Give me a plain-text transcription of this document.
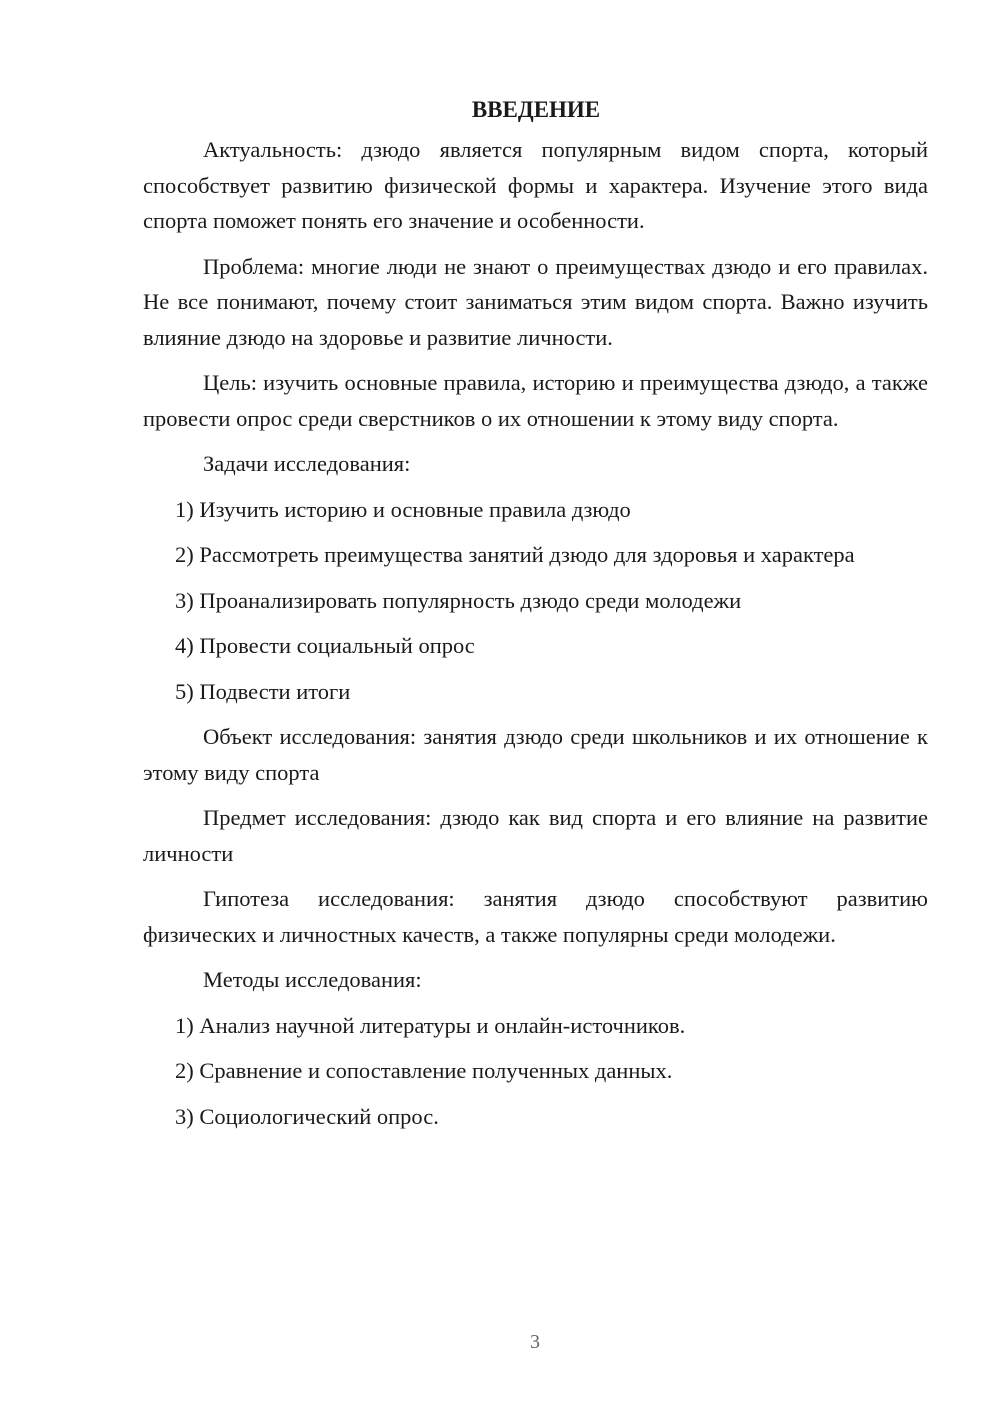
ВВЕДЕНИЕ

Актуальность: дзюдо является популярным видом спорта, который способствует развитию физической формы и характера. Изучение этого вида спорта поможет понять его значение и особенности.

Проблема: многие люди не знают о преимуществах дзюдо и его правилах. Не все понимают, почему стоит заниматься этим видом спорта. Важно изучить влияние дзюдо на здоровье и развитие личности.

Цель: изучить основные правила, историю и преимущества дзюдо, а также провести опрос среди сверстников о их отношении к этому виду спорта.

Задачи исследования:

1) Изучить историю и основные правила дзюдо
2) Рассмотреть преимущества занятий дзюдо для здоровья и характера
3) Проанализировать популярность дзюдо среди молодежи
4) Провести социальный опрос
5) Подвести итоги

Объект исследования: занятия дзюдо среди школьников и их отношение к этому виду спорта

Предмет исследования: дзюдо как вид спорта и его влияние на развитие личности

Гипотеза исследования: занятия дзюдо способствуют развитию физических и личностных качеств, а также популярны среди молодежи.

Методы исследования:

1) Анализ научной литературы и онлайн-источников.
2) Сравнение и сопоставление полученных данных.
3) Социологический опрос.
3
